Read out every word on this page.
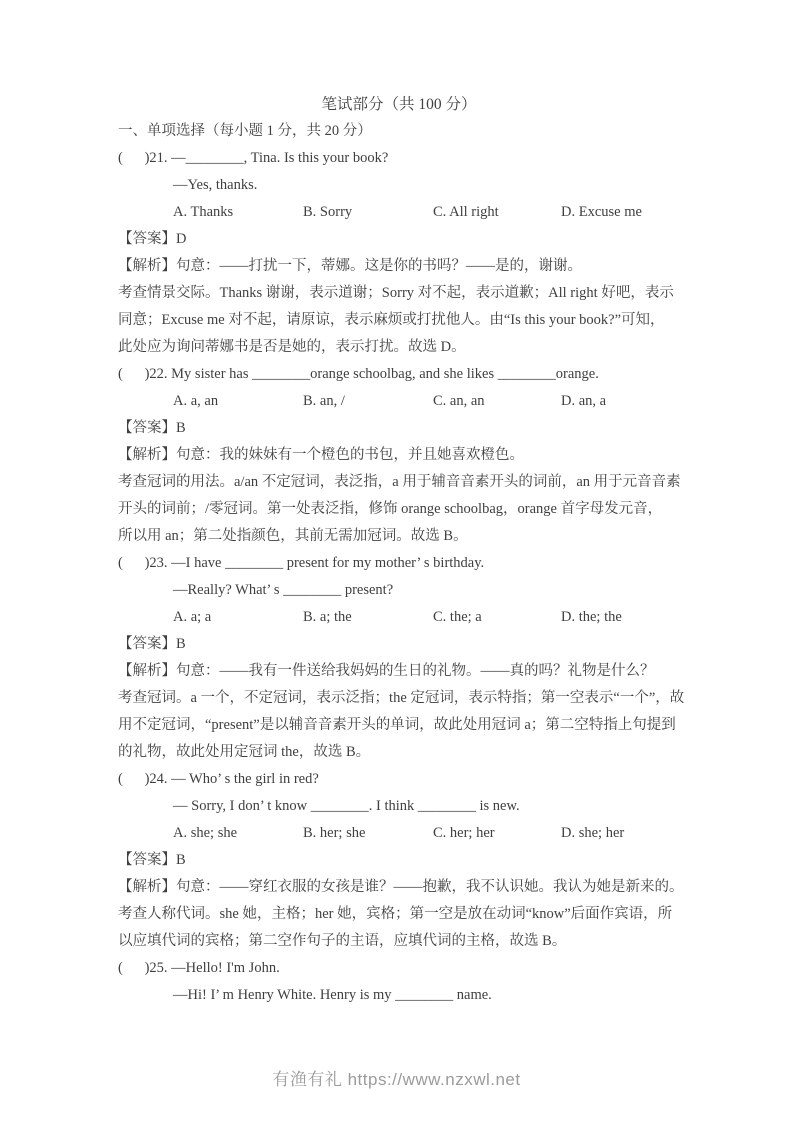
笔试部分（共 100 分）
一、单项选择（每小题 1 分，共 20 分）
(      )21. —________, Tina. Is this your book?
—Yes, thanks.
A. Thanks	B. Sorry	C. All right	D. Excuse me
【答案】D
【解析】句意：——打扰一下，蒂娜。这是你的书吗？——是的，谢谢。
考查情景交际。Thanks 谢谢，表示道谢；Sorry 对不起，表示道歉；All right 好吧，表示
同意；Excuse me 对不起，请原谅，表示麻烦或打扰他人。由“Is this your book?”可知，
此处应为询问蒂娜书是否是她的，表示打扰。故选 D。
(      )22. My sister has ________orange schoolbag, and she likes ________orange.
A. a, an	B. an, /	C. an, an	D. an, a
【答案】B
【解析】句意：我的妹妹有一个橙色的书包，并且她喜欢橙色。
考查冠词的用法。a/an 不定冠词，表泛指，a 用于辅音音素开头的词前，an 用于元音音素
开头的词前；/零冠词。第一处表泛指，修饰 orange schoolbag，orange 首字母发元音，
所以用 an；第二处指颜色，其前无需加冠词。故选 B。
(      )23. —I have ________ present for my mother’ s birthday.
—Really? What’ s ________ present?
A. a; a	B. a; the	C. the; a	D. the; the
【答案】B
【解析】句意：——我有一件送给我妈妈的生日的礼物。——真的吗？礼物是什么？
考查冠词。a 一个，不定冠词，表示泛指；the 定冠词，表示特指；第一空表示“一个”，故
用不定冠词，“present”是以辅音音素开头的单词，故此处用冠词 a；第二空特指上句提到
的礼物，故此处用定冠词 the，故选 B。
(      )24. — Who’ s the girl in red?
— Sorry, I don’ t know ________. I think ________ is new.
A. she; she	B. her; she	C. her; her	D. she; her
【答案】B
【解析】句意：——穿红衣服的女孩是谁？——抱歉，我不认识她。我认为她是新来的。
考查人称代词。she 她，主格；her 她，宾格；第一空是放在动词“know”后面作宾语，所
以应填代词的宾格；第二空作句子的主语，应填代词的主格，故选 B。
(      )25. —Hello! I'm John.
—Hi! I’ m Henry White. Henry is my ________ name.
有渔有礼 https://www.nzxwl.net
